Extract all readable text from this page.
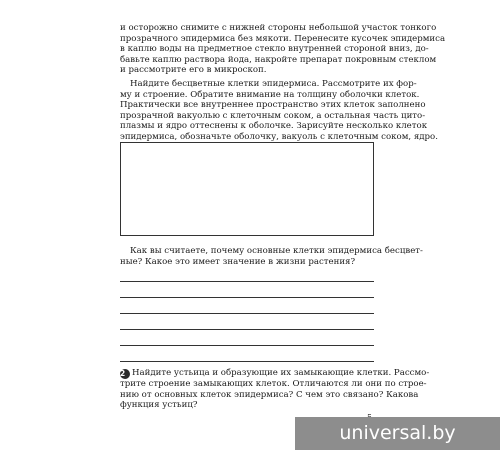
и осторожно снимите с нижней стороны небольшой участок тонкого
прозрачного эпидермиса без мякоти. Перенесите кусочек эпидермиса
в каплю воды на предметное стекло внутренней стороной вниз, до-
бавьте каплю раствора йода, накройте препарат покровным стеклом
и рассмотрите его в микроскоп.
Найдите бесцветные клетки эпидермиса. Рассмотрите их фор-
му и строение. Обратите внимание на толщину оболочки клеток.
Практически все внутреннее пространство этих клеток заполнено
прозрачной вакуолью с клеточным соком, а остальная часть цито-
плазмы и ядро оттеснены к оболочке. Зарисуйте несколько клеток
эпидермиса, обозначьте оболочку, вакуоль с клеточным соком, ядро.
Как вы считаете, почему основные клетки эпидермиса бесцвет-
ные? Какое это имеет значение в жизни растения?
2 Найдите устьица и образующие их замыкающие клетки. Рассмо-
трите строение замыкающих клеток. Отличаются ли они по строе-
нию от основных клеток эпидермиса? С чем это связано? Какова
функция устьиц?
universal.by
